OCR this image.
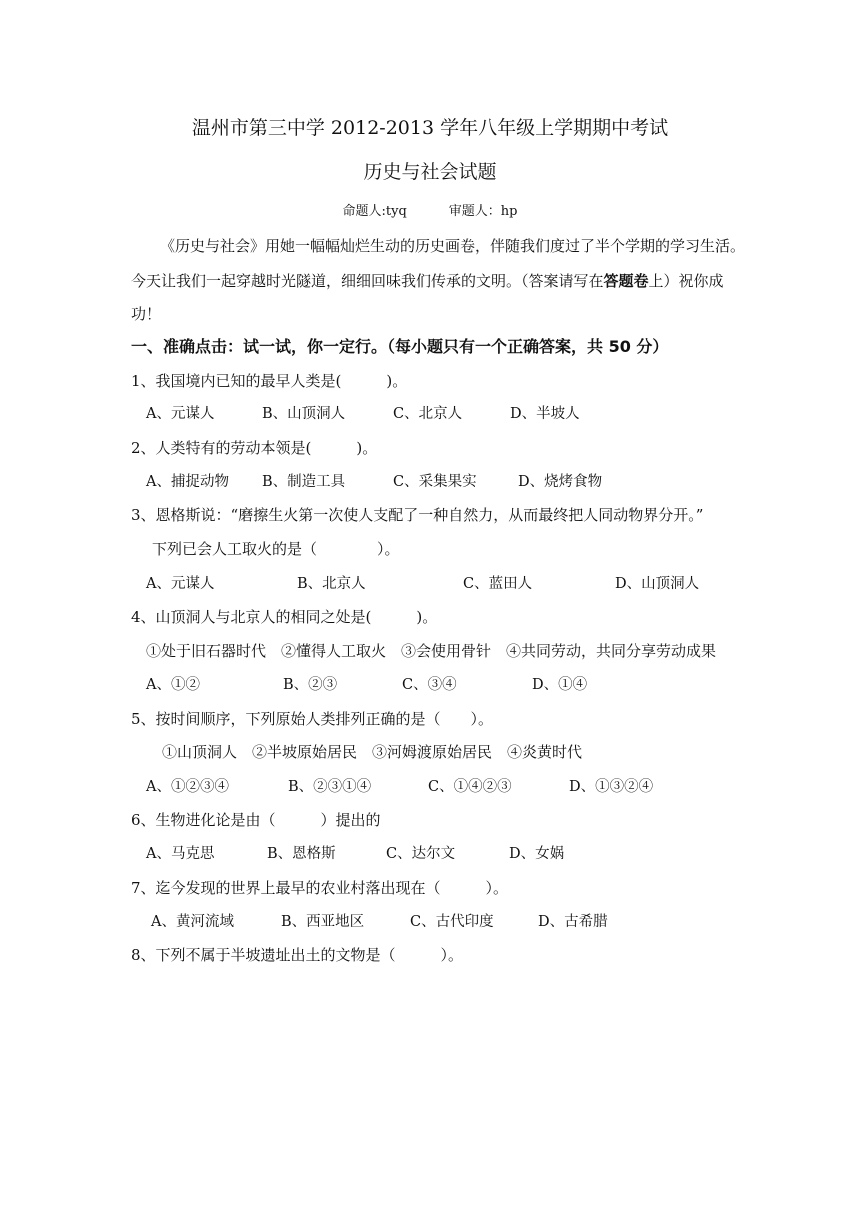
温州市第三中学 2012-2013 学年八年级上学期期中考试
历史与社会试题
命题人:tyq	审题人：hp
《历史与社会》用她一幅幅灿烂生动的历史画卷，伴随我们度过了半个学期的学习生活。
今天让我们一起穿越时光隧道，细细回味我们传承的文明。（答案请写在答题卷上）祝你成
功！
一、准确点击：试一试，你一定行。（每小题只有一个正确答案，共 50 分）
1、我国境内已知的最早人类是(　　　)。
A、元谋人	B、山顶洞人	C、北京人	D、半坡人
2、人类特有的劳动本领是(　　　)。
A、捕捉动物 B、制造工具	C、采集果实	D、烧烤食物
3、恩格斯说：“磨擦生火第一次使人支配了一种自然力，从而最终把人同动物界分开。”
下列已会人工取火的是（　　　　）。
A、元谋人	B、北京人	C、蓝田人	D、山顶洞人
4、山顶洞人与北京人的相同之处是(　　　)。
①处于旧石器时代　②懂得人工取火　③会使用骨针　④共同劳动，共同分享劳动成果
A、①②	B、②③	C、③④	D、①④
5、按时间顺序，下列原始人类排列正确的是（　　）。
①山顶洞人　②半坡原始居民　③河姆渡原始居民　④炎黄时代
A、①②③④	B、②③①④	C、①④②③	D、①③②④
6、生物进化论是由（　　　）提出的
A、马克思	B、恩格斯	C、达尔文	D、女娲
7、迄今发现的世界上最早的农业村落出现在（　　　）。
A、黄河流域	B、西亚地区	C、古代印度	D、古希腊
8、下列不属于半坡遗址出土的文物是（　　　）。
